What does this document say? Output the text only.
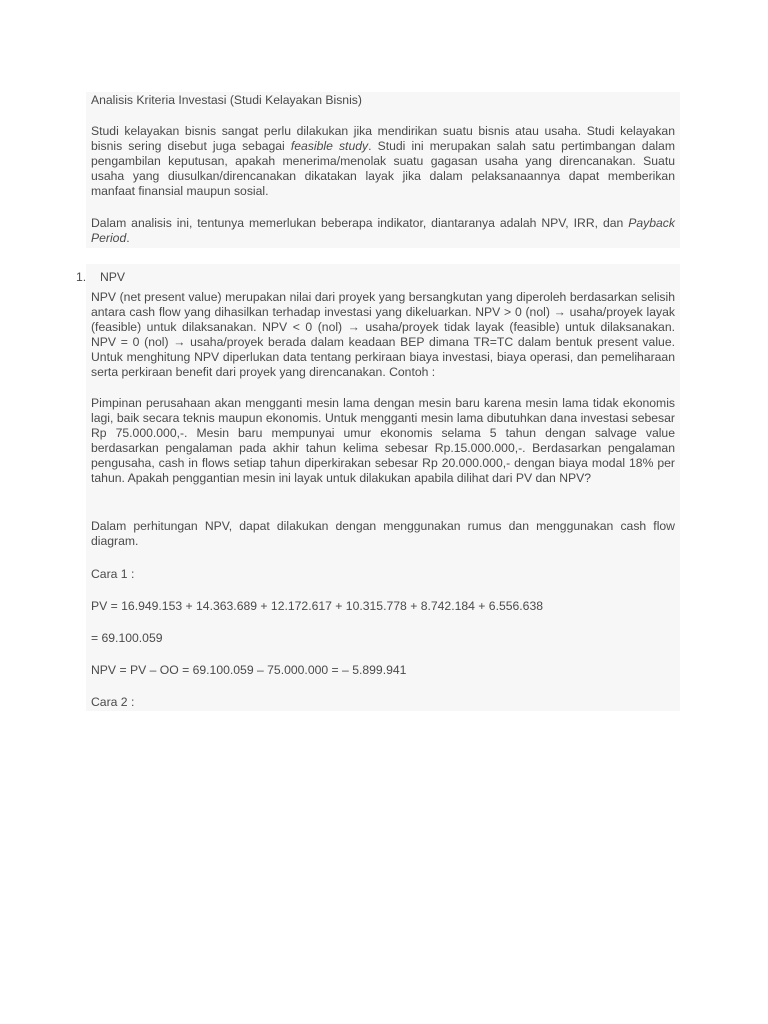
Analisis Kriteria Investasi (Studi Kelayakan Bisnis)

Studi kelayakan bisnis sangat perlu dilakukan jika mendirikan suatu bisnis atau usaha. Studi kelayakan bisnis sering disebut juga sebagai feasible study. Studi ini merupakan salah satu pertimbangan dalam pengambilan keputusan, apakah menerima/menolak suatu gagasan usaha yang direncanakan. Suatu usaha yang diusulkan/direncanakan dikatakan layak jika dalam pelaksanaannya dapat memberikan manfaat finansial maupun sosial.

Dalam analisis ini, tentunya memerlukan beberapa indikator, diantaranya adalah NPV, IRR, dan Payback Period.

1. NPV

NPV (net present value) merupakan nilai dari proyek yang bersangkutan yang diperoleh berdasarkan selisih antara cash flow yang dihasilkan terhadap investasi yang dikeluarkan. NPV > 0 (nol) → usaha/proyek layak (feasible) untuk dilaksanakan. NPV < 0 (nol) → usaha/proyek tidak layak (feasible) untuk dilaksanakan. NPV = 0 (nol) → usaha/proyek berada dalam keadaan BEP dimana TR=TC dalam bentuk present value. Untuk menghitung NPV diperlukan data tentang perkiraan biaya investasi, biaya operasi, dan pemeliharaan serta perkiraan benefit dari proyek yang direncanakan. Contoh :

Pimpinan perusahaan akan mengganti mesin lama dengan mesin baru karena mesin lama tidak ekonomis lagi, baik secara teknis maupun ekonomis. Untuk mengganti mesin lama dibutuhkan dana investasi sebesar Rp 75.000.000,-. Mesin baru mempunyai umur ekonomis selama 5 tahun dengan salvage value berdasarkan pengalaman pada akhir tahun kelima sebesar Rp.15.000.000,-. Berdasarkan pengalaman pengusaha, cash in flows setiap tahun diperkirakan sebesar Rp 20.000.000,- dengan biaya modal 18% per tahun. Apakah penggantian mesin ini layak untuk dilakukan apabila dilihat dari PV dan NPV?

Dalam perhitungan NPV, dapat dilakukan dengan menggunakan rumus dan menggunakan cash flow diagram.

Cara 1 :

PV = 16.949.153 + 14.363.689 + 12.172.617 + 10.315.778 + 8.742.184 + 6.556.638

= 69.100.059

NPV = PV – OO = 69.100.059 – 75.000.000 = – 5.899.941

Cara 2 :
